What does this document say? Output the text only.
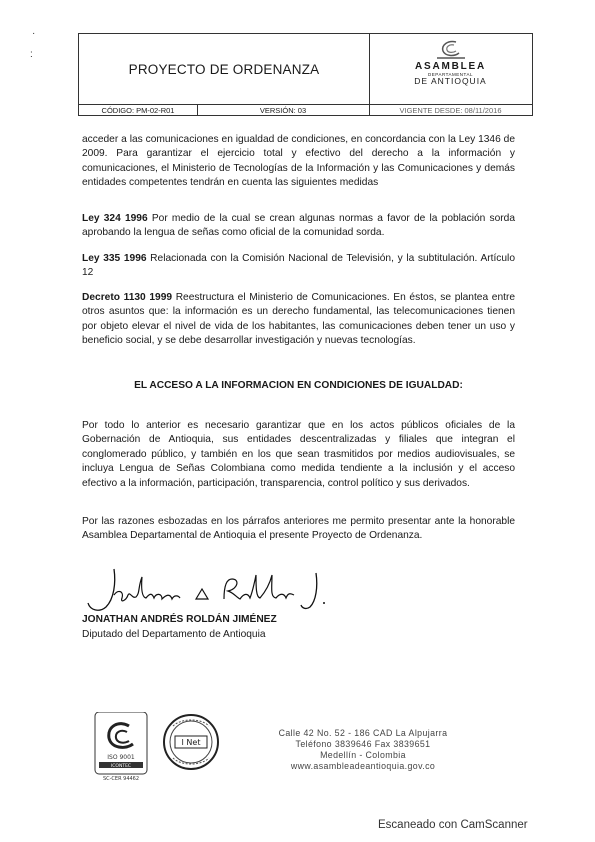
·
:
PROYECTO DE ORDENANZA	ASAMBLEA
DEPARTAMENTAL
DE ANTIOQUIA
CÓDIGO: PM-02-R01	VERSIÓN: 03	VIGENTE DESDE: 08/11/2016
acceder a las comunicaciones en igualdad de condiciones, en concordancia con la Ley 1346 de 2009. Para garantizar el ejercicio total y efectivo del derecho a la información y comunicaciones, el Ministerio de Tecnologías de la Información y las Comunicaciones y demás entidades competentes tendrán en cuenta las siguientes medidas
Ley 324 1996 Por medio de la cual se crean algunas normas a favor de la población sorda aprobando la lengua de señas como oficial de la comunidad sorda.
Ley 335 1996 Relacionada con la Comisión Nacional de Televisión, y la subtitulación. Artículo 12
Decreto 1130 1999 Reestructura el Ministerio de Comunicaciones. En éstos, se plantea entre otros asuntos que: la información es un derecho fundamental, las telecomunicaciones tienen por objeto elevar el nivel de vida de los habitantes, las comunicaciones deben tener un uso y beneficio social, y se debe desarrollar investigación y nuevas tecnologías.
EL ACCESO A LA INFORMACION EN CONDICIONES DE IGUALDAD:
Por todo lo anterior es necesario garantizar que en los actos públicos oficiales de la Gobernación de Antioquia, sus entidades descentralizadas y filiales que integran el conglomerado público, y también en los que sean trasmitidos por medios audiovisuales, se incluya Lengua de Señas Colombiana como medida tendiente a la inclusión y el acceso efectivo a la información, participación, transparencia, control político y sus derivados.
Por las razones esbozadas en los párrafos anteriores me permito presentar ante la honorable Asamblea Departamental de Antioquia el presente Proyecto de Ordenanza.
JONATHAN ANDRÉS ROLDÁN JIMÉNEZ
Diputado del Departamento de Antioquia
ISO 9001
ICONTEC
SC-CER 94462
I Net
Calle 42 No. 52 - 186 CAD La Alpujarra
Teléfono 3839646 Fax 3839651
Medellín - Colombia
www.asambleadeantioquia.gov.co
Escaneado con CamScanner
